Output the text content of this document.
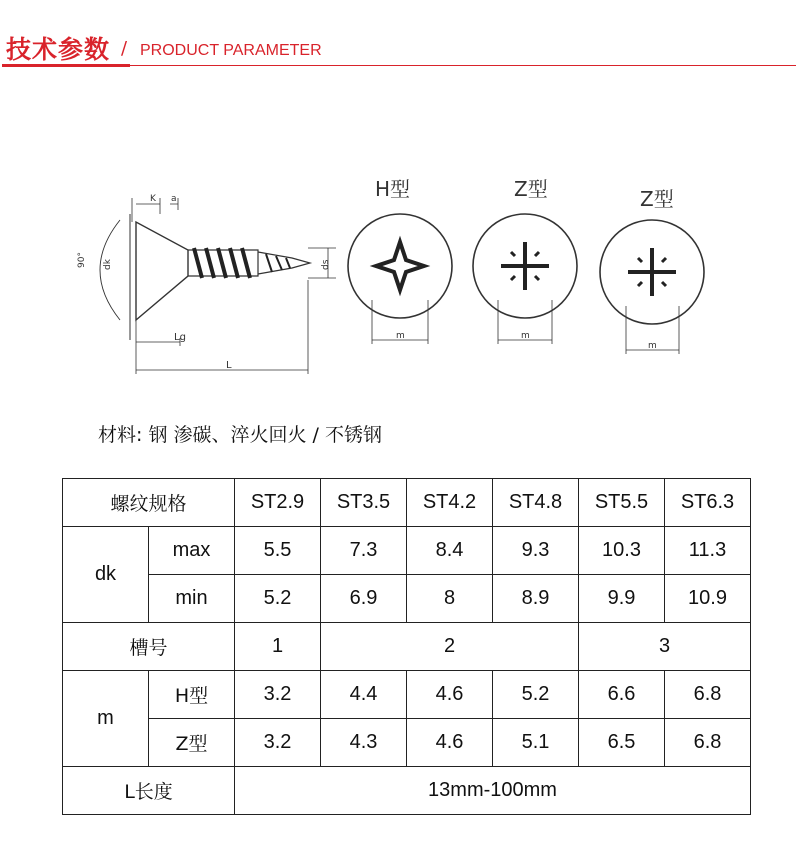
技术参数 / PRODUCT PARAMETER
K a
90° dk	ds
Lg
L
m	m
m
H型	Z型	Z型
材料: 钢 渗碳、淬火回火 / 不锈钢
螺纹规格		ST2.9	ST3.5	ST4.2	ST4.8	ST5.5	ST6.3
dk	max	5.5	7.3	8.4	9.3	10.3	11.3
	min	5.2	6.9	8	8.9	9.9	10.9
槽号		1	2			3	
m	H型	3.2	4.4	4.6	5.2	6.6	6.8
	Z型	3.2	4.3	4.6	5.1	6.5	6.8
L长度		13mm-100mm					
